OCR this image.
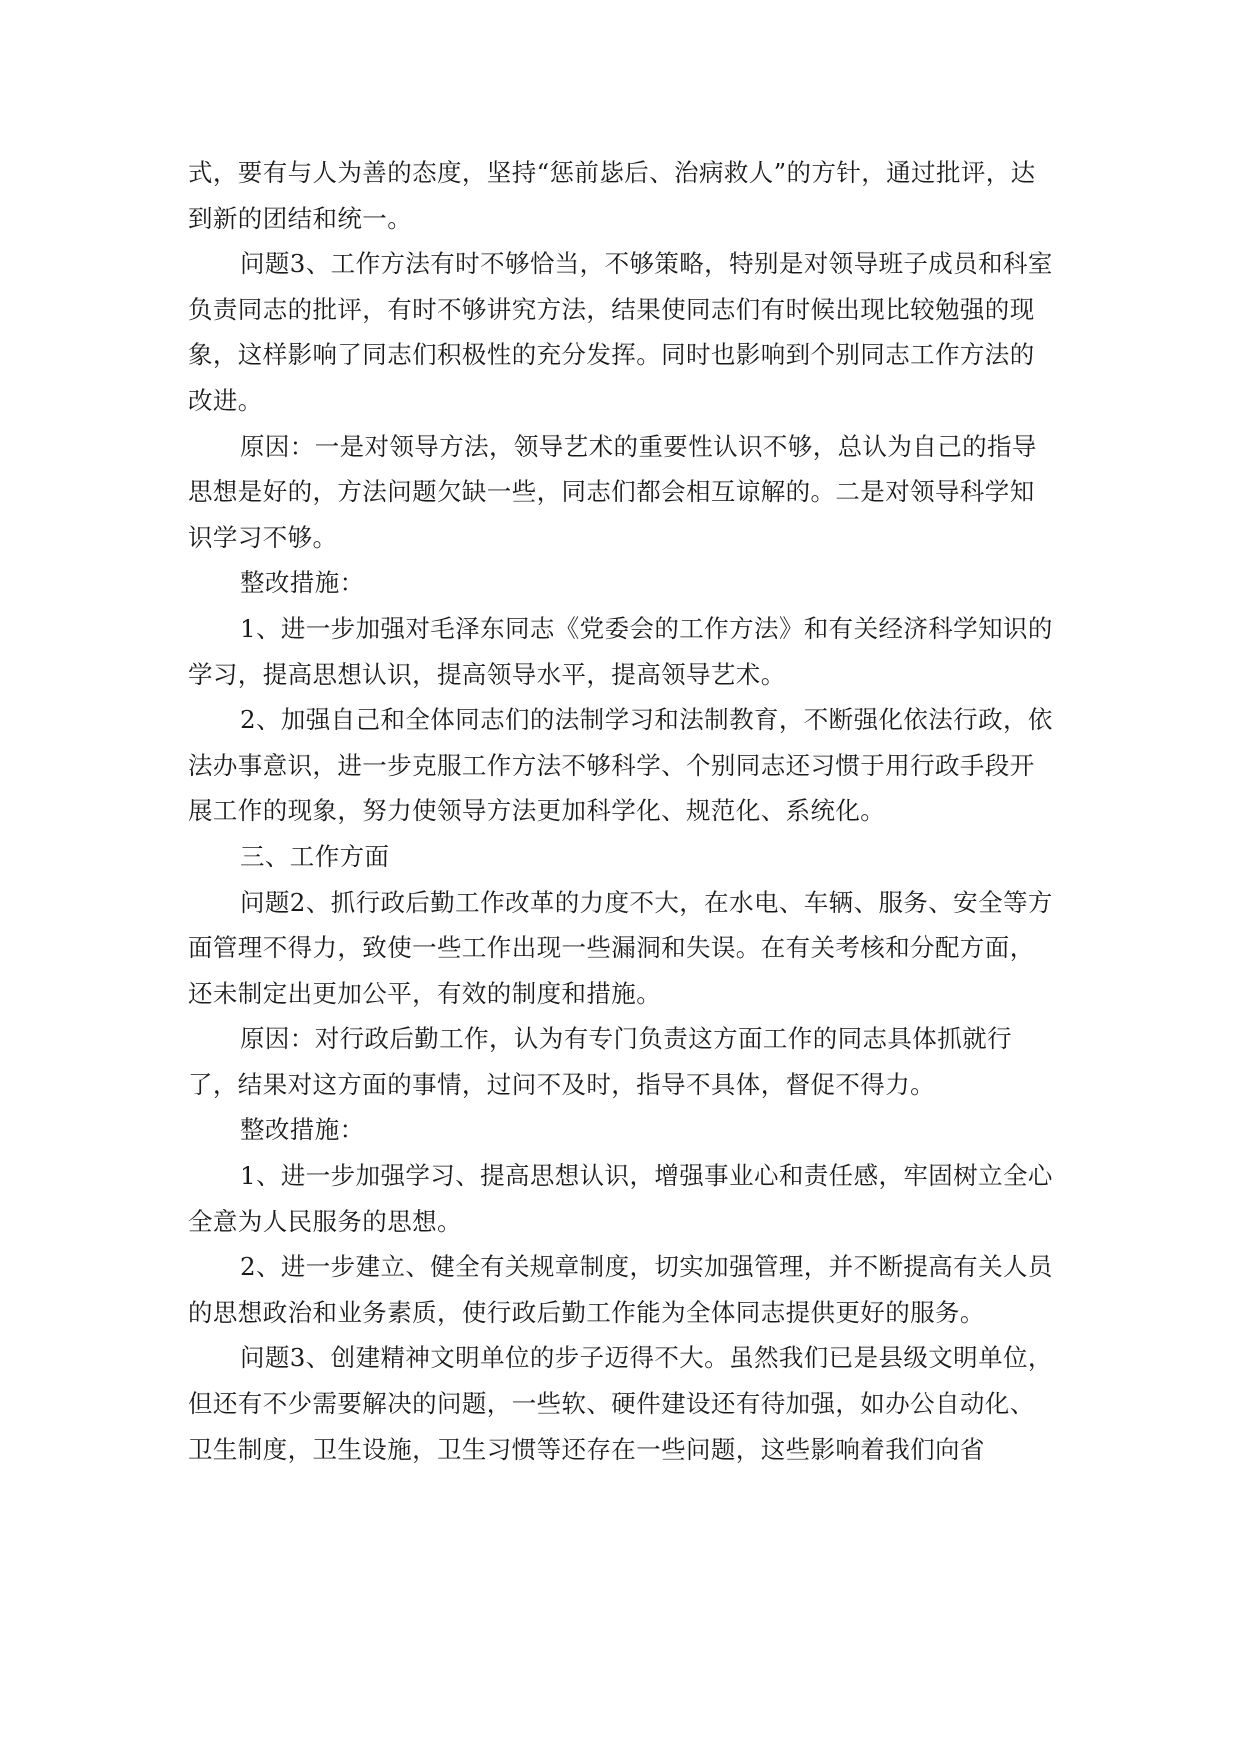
式，要有与人为善的态度，坚持“惩前毖后、治病救人”的方针，通过批评，达到新的团结和统一。

问题3、工作方法有时不够恰当，不够策略，特别是对领导班子成员和科室负责同志的批评，有时不够讲究方法，结果使同志们有时候出现比较勉强的现象，这样影响了同志们积极性的充分发挥。同时也影响到个别同志工作方法的改进。

原因：一是对领导方法，领导艺术的重要性认识不够，总认为自己的指导思想是好的，方法问题欠缺一些，同志们都会相互谅解的。二是对领导科学知识学习不够。

整改措施：

1、进一步加强对毛泽东同志《党委会的工作方法》和有关经济科学知识的学习，提高思想认识，提高领导水平，提高领导艺术。

2、加强自己和全体同志们的法制学习和法制教育，不断强化依法行政，依法办事意识，进一步克服工作方法不够科学、个别同志还习惯于用行政手段开展工作的现象，努力使领导方法更加科学化、规范化、系统化。

三、工作方面

问题2、抓行政后勤工作改革的力度不大，在水电、车辆、服务、安全等方面管理不得力，致使一些工作出现一些漏洞和失误。在有关考核和分配方面，还未制定出更加公平，有效的制度和措施。

原因：对行政后勤工作，认为有专门负责这方面工作的同志具体抓就行了，结果对这方面的事情，过问不及时，指导不具体，督促不得力。

整改措施：

1、进一步加强学习、提高思想认识，增强事业心和责任感，牢固树立全心全意为人民服务的思想。

2、进一步建立、健全有关规章制度，切实加强管理，并不断提高有关人员的思想政治和业务素质，使行政后勤工作能为全体同志提供更好的服务。

问题3、创建精神文明单位的步子迈得不大。虽然我们已是县级文明单位，但还有不少需要解决的问题，一些软、硬件建设还有待加强，如办公自动化、卫生制度，卫生设施，卫生习惯等还存在一些问题，这些影响着我们向省
